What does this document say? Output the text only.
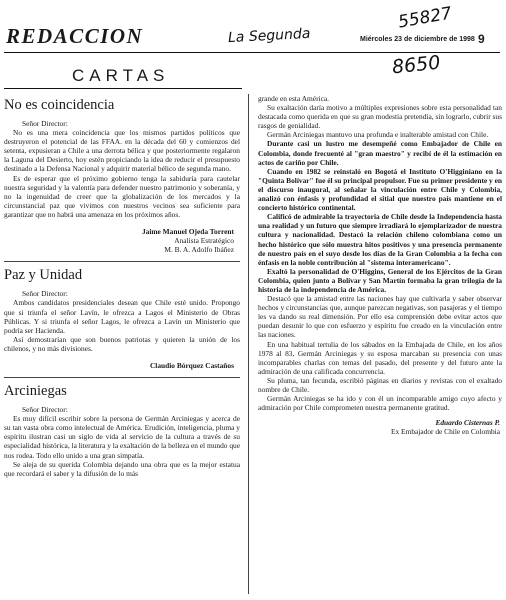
REDACCION	La Segunda
55827
8650
Miércoles 23 de diciembre de 1998 9
CARTAS
No es coincidencia
Señor Director:

No es una mera coincidencia que los mismos partidos políticos que destruyeron el potencial de las FFAA. en la década del 60 y comienzos del setenta, expusieran a Chile a una derrota bélica y que posteriormente regalaron la Laguna del Desierto, hoy estén propiciando la idea de reducir el presupuesto destinado a la Defensa Nacional y adquirir material bélico de segunda mano.

Es de esperar que el próximo gobierno tenga la sabiduría para cautelar nuestra seguridad y la valentía para defender nuestro patrimonio y soberanía, y no la ingenuidad de creer que la globalización de los mercados y la circunstancial paz que vivimos con nuestros vecinos sea suficiente para garantizar que no habrá una amenaza en los próximos años.

Jaime Manuel Ojeda Torrent
Analista Estratégico
M. B. A. Adolfo Ibáñez
Paz y Unidad
Señor Director:

Ambos candidatos presidenciales desean que Chile esté unido. Propongo que si triunfa el señor Lavín, le ofrezca a Lagos el Ministerio de Obras Públicas. Y si triunfa el señor Lagos, le ofrezca a Lavín un Ministerio que podría ser Hacienda.

Así demostrarían que son buenos patriotas y quieren la unión de los chilenos, y no más divisiones.

Claudio Bórquez Castaños
Arciniegas
Señor Director:

Es muy difícil escribir sobre la persona de Germán Arciniegas y acerca de su tan vasta obra como intelectual de América. Erudición, inteligencia, pluma y espíritu ilustran casi un siglo de vida al servicio de la cultura a través de su especialidad histórica, la literatura y la exaltación de la belleza en el mundo que nos rodea. Todo ello unido a una gran simpatía.

Se aleja de su querida Colombia dejando una obra que es la mejor estatua que recordará el saber y la difusión de lo más

grande en esta América.

Su exaltación daría motivo a múltiples expresiones sobre esta personalidad tan destacada como querida en que su gran modestia pretendía, sin lograrlo, cubrir sus rasgos de genialidad.

Germán Arciniegas mantuvo una profunda e inalterable amistad con Chile.

Durante casi un lustro me desempeñé como Embajador de Chile en Colombia, donde frecuenté al "gran maestro" y recibí de él la estimación en actos de cariño por Chile.

Cuando en 1982 se reinstaló en Bogotá el Instituto O'Higginiano en la "Quinta Bolívar" fue él su principal propulsor. Fue su primer presidente y en el discurso inaugural, al señalar la vinculación entre Chile y Colombia, analizó con énfasis y profundidad el sitial que nuestro país mantiene en el concierto histórico continental.

Calificó de admirable la trayectoria de Chile desde la Independencia hasta una realidad y un futuro que siempre irradiará lo ejemplarizador de nuestra cultura y nacionalidad. Destacó la relación chileno colombiana como un hecho histórico que sólo muestra hitos positivos y una presencia permanente de nuestro país en el suyo desde los días de la Gran Colombia a la fecha con énfasis en la noble contribución al "sistema interamericano".

Exaltó la personalidad de O'Higgins, General de los Ejércitos de la Gran Colombia, quien junto a Bolívar y San Martín formaba la gran trilogía de la historia de la independencia de América.

Destacó que la amistad entre las naciones hay que cultivarla y saber observar hechos y circunstancias que, aunque parezcan negativas, son pasajeras y el tiempo les va dando su real dimensión. Por ello esa comprensión debe evitar actos que puedan desunir lo que con esfuerzo y espíritu fue creado en la vinculación entre las naciones.

En una habitual tertulia de los sábados en la Embajada de Chile, en los años 1978 al 83, Germán Arciniegas y su esposa marcaban su presencia con unas incomparables charlas con temas del pasado, del presente y del futuro ante la admiración de una calificada concurrencia.

Su pluma, tan fecunda, escribió páginas en diarios y revistas con el exaltado nombre de Chile.

Germán Arciniegas se ha ido y con él un incomparable amigo cuyo afecto y admiración por Chile comprometen nuestra permanente gratitud.

Eduardo Cisternas P.
Ex Embajador de Chile en Colombia
